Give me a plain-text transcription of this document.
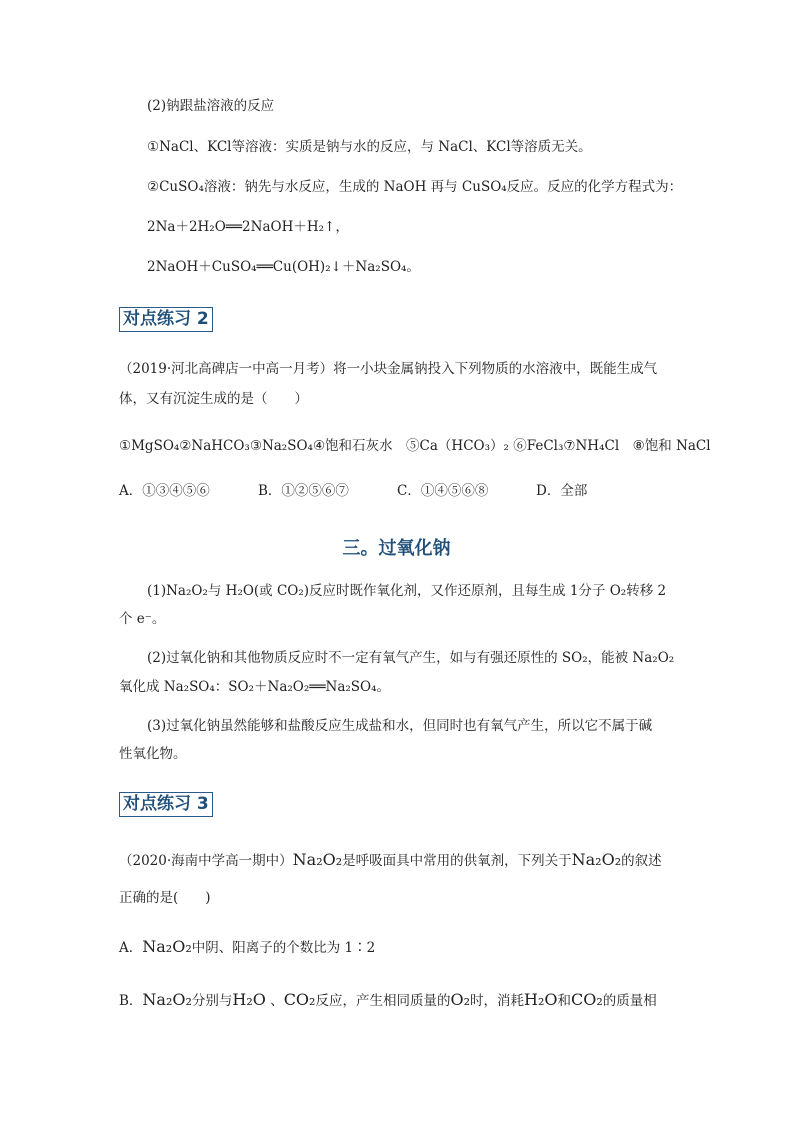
(2)钠跟盐溶液的反应
①NaCl、KCl等溶液：实质是钠与水的反应，与 NaCl、KCl等溶质无关。
②CuSO₄溶液：钠先与水反应，生成的 NaOH 再与 CuSO₄反应。反应的化学方程式为：
2Na＋2H₂O══2NaOH＋H₂↑，
2NaOH＋CuSO₄══Cu(OH)₂↓＋Na₂SO₄。
对点练习 2
（2019·河北高碑店一中高一月考）将一小块金属钠投入下列物质的水溶液中，既能生成气
体，又有沉淀生成的是（　　）
①MgSO₄②NaHCO₃③Na₂SO₄④饱和石灰水　⑤Ca（HCO₃）₂ ⑥FeCl₃⑦NH₄Cl　⑧饱和 NaCl
A．①③④⑤⑥	B．①②⑤⑥⑦	C．①④⑤⑥⑧	D．全部
三。过氧化钠
(1)Na₂O₂与 H₂O(或 CO₂)反应时既作氧化剂，又作还原剂，且每生成 1分子 O₂转移 2
个 e⁻。
(2)过氧化钠和其他物质反应时不一定有氧气产生，如与有强还原性的 SO₂，能被 Na₂O₂
氧化成 Na₂SO₄：SO₂＋Na₂O₂══Na₂SO₄。
(3)过氧化钠虽然能够和盐酸反应生成盐和水，但同时也有氧气产生，所以它不属于碱
性氧化物。
对点练习 3
（2020·海南中学高一期中）Na₂O₂是呼吸面具中常用的供氧剂，下列关于Na₂O₂的叙述
正确的是(　　)
A．Na₂O₂中阴、阳离子的个数比为 1∶2
B．Na₂O₂分别与H₂O 、CO₂反应，产生相同质量的O₂时，消耗H₂O和CO₂的质量相
